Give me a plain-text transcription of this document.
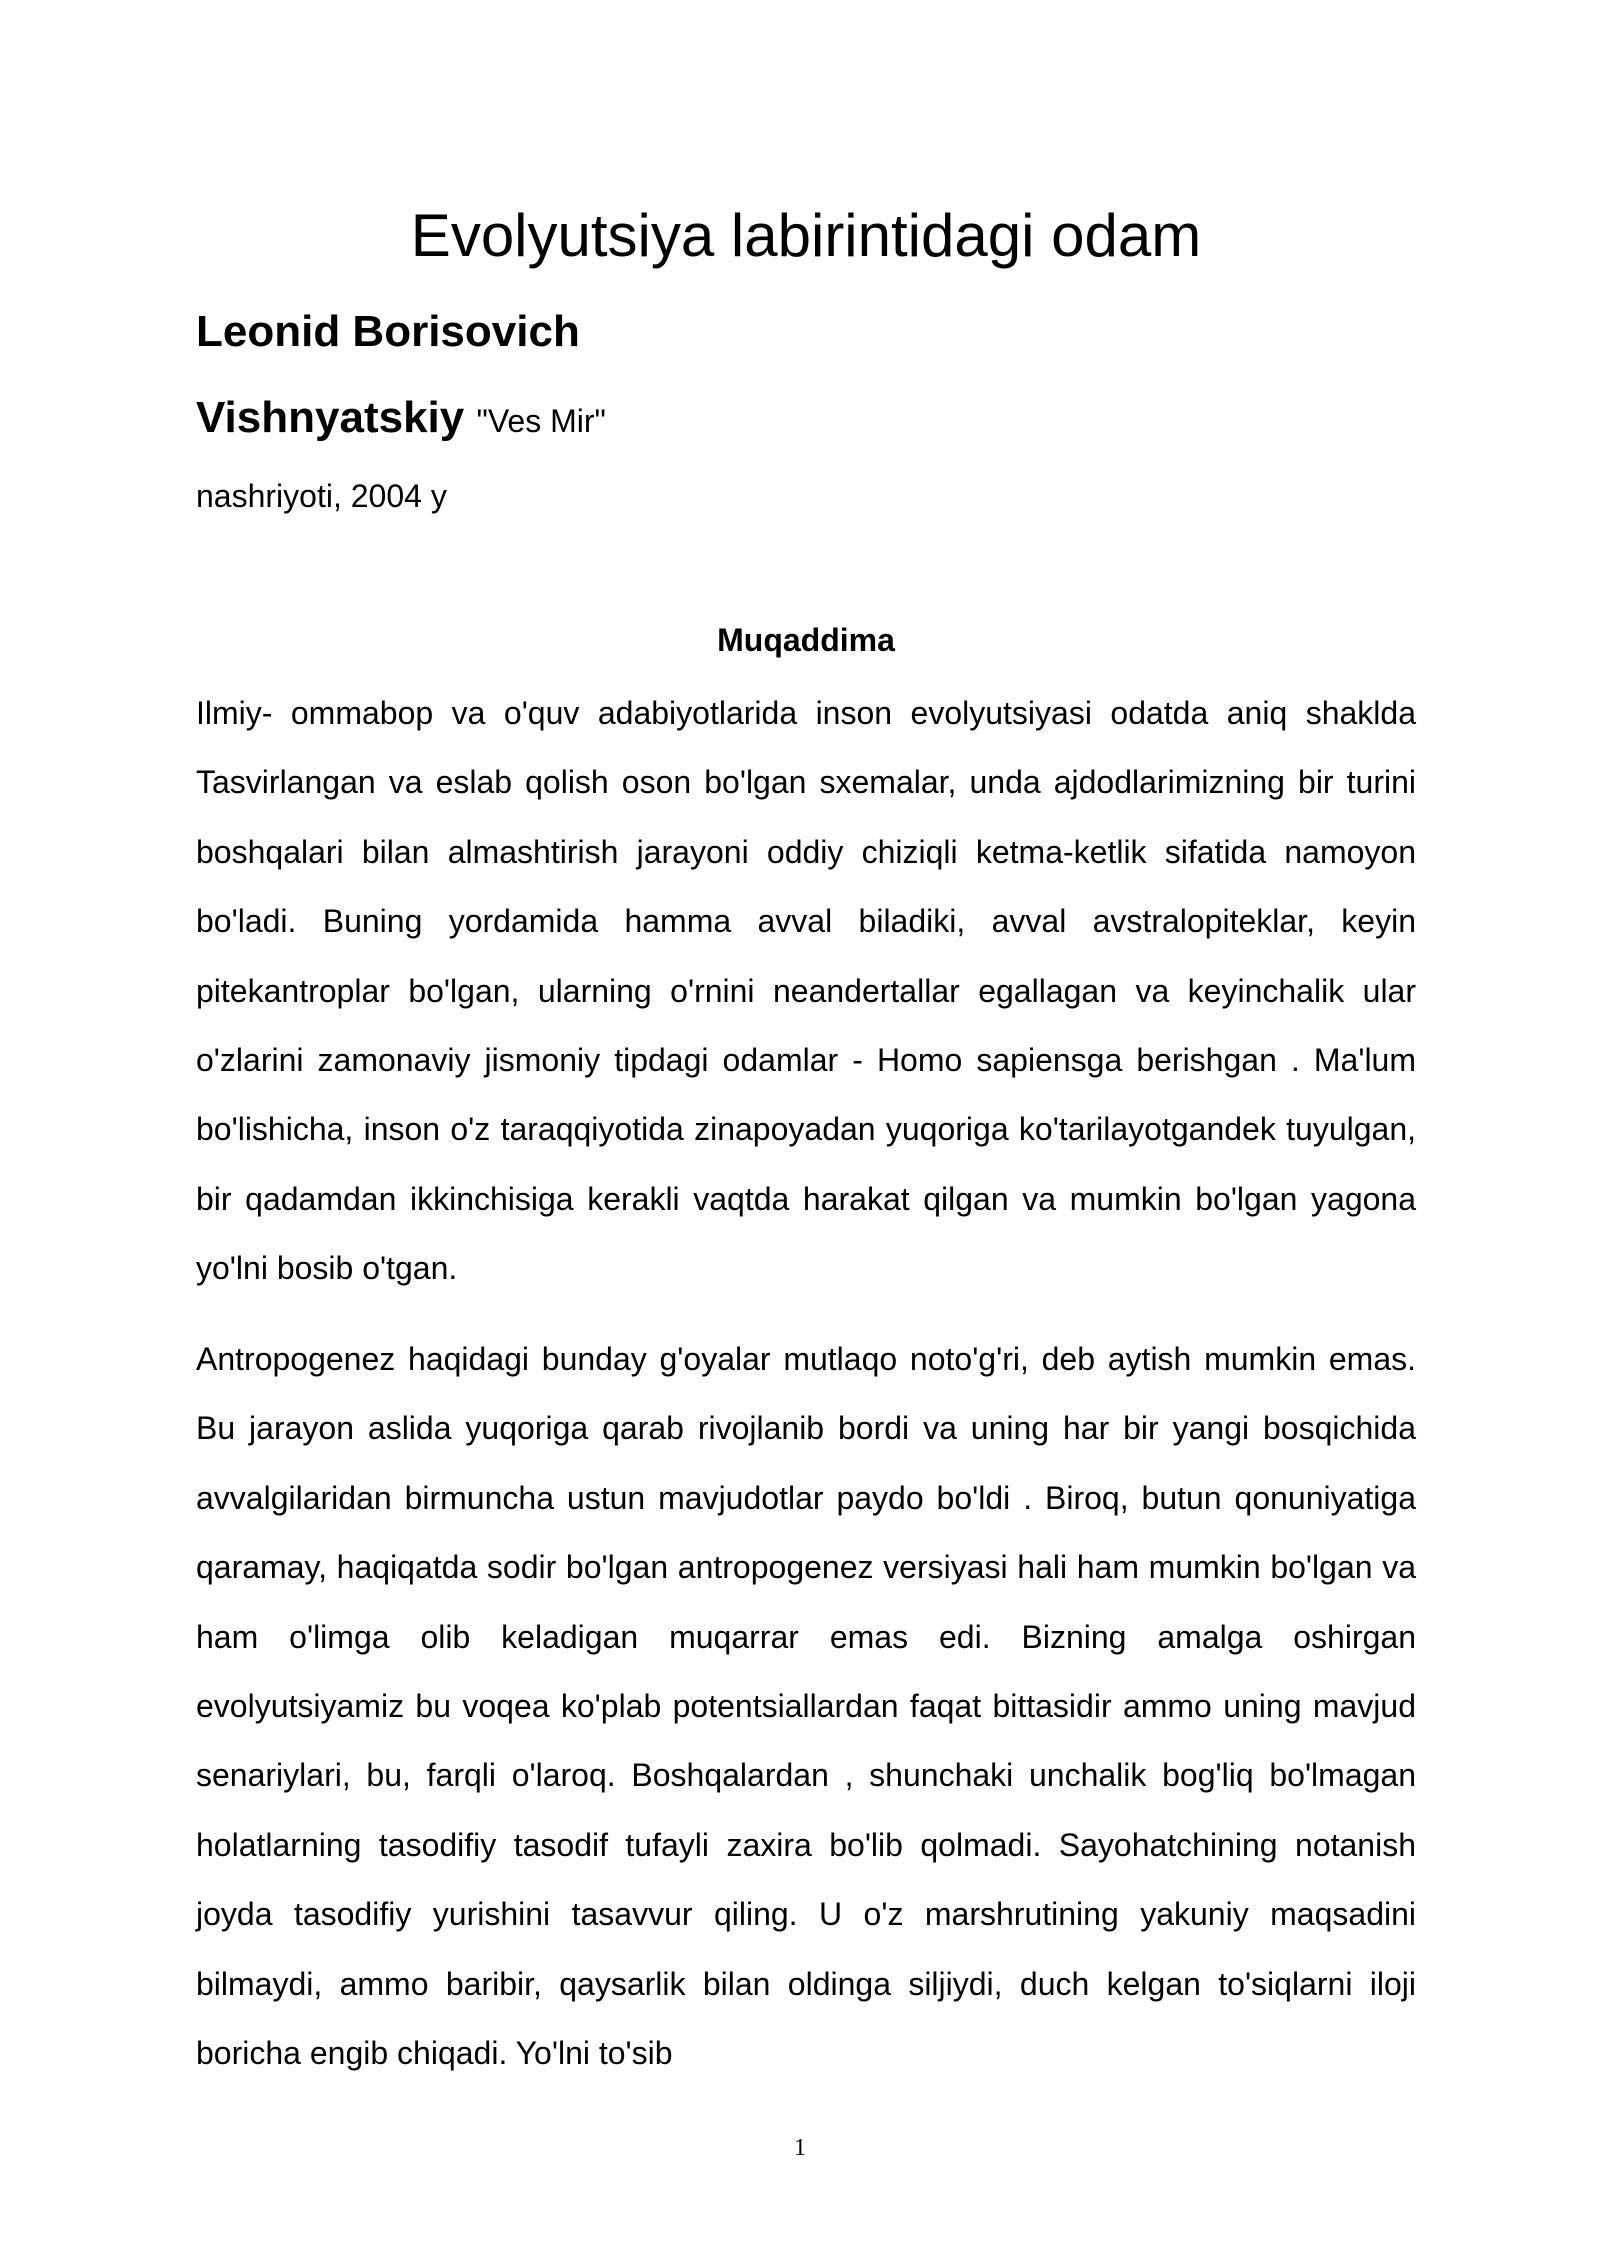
Evolyutsiya labirintidagi odam
Leonid Borisovich
Vishnyatskiy "Ves Mir"
nashriyoti, 2004 y
Muqaddima

Ilmiy- ommabop va o'quv adabiyotlarida inson evolyutsiyasi odatda aniq shaklda Tasvirlangan va eslab qolish oson bo'lgan sxemalar, unda ajdodlarimizning bir turini boshqalari bilan almashtirish jarayoni oddiy chiziqli ketma-ketlik sifatida namoyon bo'ladi. Buning yordamida hamma avval biladiki, avval avstralopiteklar, keyin pitekantroplar bo'lgan, ularning o'rnini neandertallar egallagan va keyinchalik ular o'zlarini zamonaviy jismoniy tipdagi odamlar - Homo sapiensga berishgan . Ma'lum bo'lishicha, inson o'z taraqqiyotida zinapoyadan yuqoriga ko'tarilayotgandek tuyulgan, bir qadamdan ikkinchisiga kerakli vaqtda harakat qilgan va mumkin bo'lgan yagona yo'lni bosib o'tgan.

Antropogenez haqidagi bunday g'oyalar mutlaqo noto'g'ri, deb aytish mumkin emas. Bu jarayon aslida yuqoriga qarab rivojlanib bordi va uning har bir yangi bosqichida avvalgilaridan birmuncha ustun mavjudotlar paydo bo'ldi . Biroq, butun qonuniyatiga qaramay, haqiqatda sodir bo'lgan antropogenez versiyasi hali ham mumkin bo'lgan va ham o'limga olib keladigan muqarrar emas edi. Bizning amalga oshirgan evolyutsiyamiz bu voqea ko'plab potentsiallardan faqat bittasidir ammo uning mavjud senariylari, bu, farqli o'laroq. Boshqalardan , shunchaki unchalik bog'liq bo'lmagan holatlarning tasodifiy tasodif tufayli zaxira bo'lib qolmadi. Sayohatchining notanish joyda tasodifiy yurishini tasavvur qiling. U o'z marshrutining yakuniy maqsadini bilmaydi, ammo baribir, qaysarlik bilan oldinga siljiydi, duch kelgan to'siqlarni iloji boricha engib chiqadi. Yo'lni to'sib

1
